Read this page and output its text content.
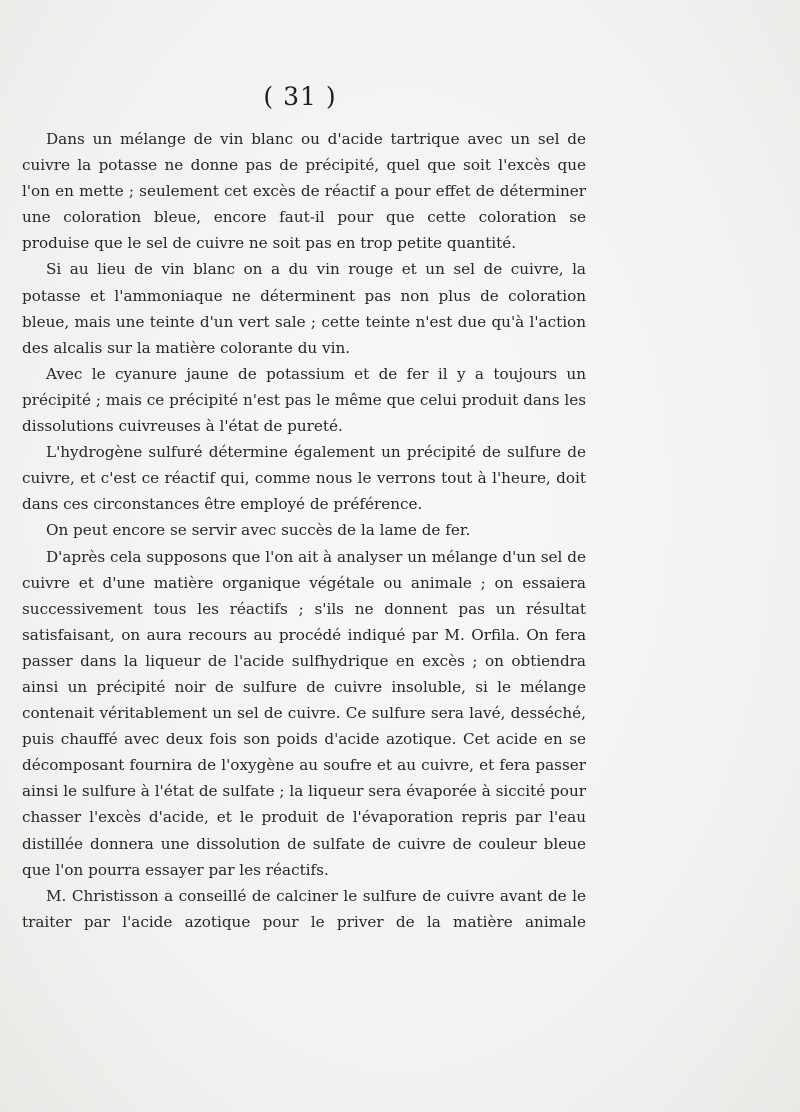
( 31 )

Dans un mélange de vin blanc ou d'acide tartrique avec un sel de cuivre la potasse ne donne pas de précipité, quel que soit l'excès que l'on en mette ; seulement cet excès de réactif a pour effet de déterminer une coloration bleue, encore faut-il pour que cette coloration se produise que le sel de cuivre ne soit pas en trop petite quantité.

Si au lieu de vin blanc on a du vin rouge et un sel de cuivre, la potasse et l'ammoniaque ne déterminent pas non plus de coloration bleue, mais une teinte d'un vert sale ; cette teinte n'est due qu'à l'action des alcalis sur la matière colorante du vin.

Avec le cyanure jaune de potassium et de fer il y a toujours un précipité ; mais ce précipité n'est pas le même que celui produit dans les dissolutions cuivreuses à l'état de pureté.

L'hydrogène sulfuré détermine également un précipité de sulfure de cuivre, et c'est ce réactif qui, comme nous le verrons tout à l'heure, doit dans ces circonstances être employé de préférence.

On peut encore se servir avec succès de la lame de fer.

D'après cela supposons que l'on ait à analyser un mélange d'un sel de cuivre et d'une matière organique végétale ou animale ; on essaiera successivement tous les réactifs ; s'ils ne donnent pas un résultat satisfaisant, on aura recours au procédé indiqué par M. Orfila. On fera passer dans la liqueur de l'acide sulfhydrique en excès ; on obtiendra ainsi un précipité noir de sulfure de cuivre insoluble, si le mélange contenait véritablement un sel de cuivre. Ce sulfure sera lavé, desséché, puis chauffé avec deux fois son poids d'acide azotique. Cet acide en se décomposant fournira de l'oxygène au soufre et au cuivre, et fera passer ainsi le sulfure à l'état de sulfate ; la liqueur sera évaporée à siccité pour chasser l'excès d'acide, et le produit de l'évaporation repris par l'eau distillée donnera une dissolution de sulfate de cuivre de couleur bleue que l'on pourra essayer par les réactifs.

M. Christisson a conseillé de calciner le sulfure de cuivre avant de le traiter par l'acide azotique pour le priver de la matière animale
